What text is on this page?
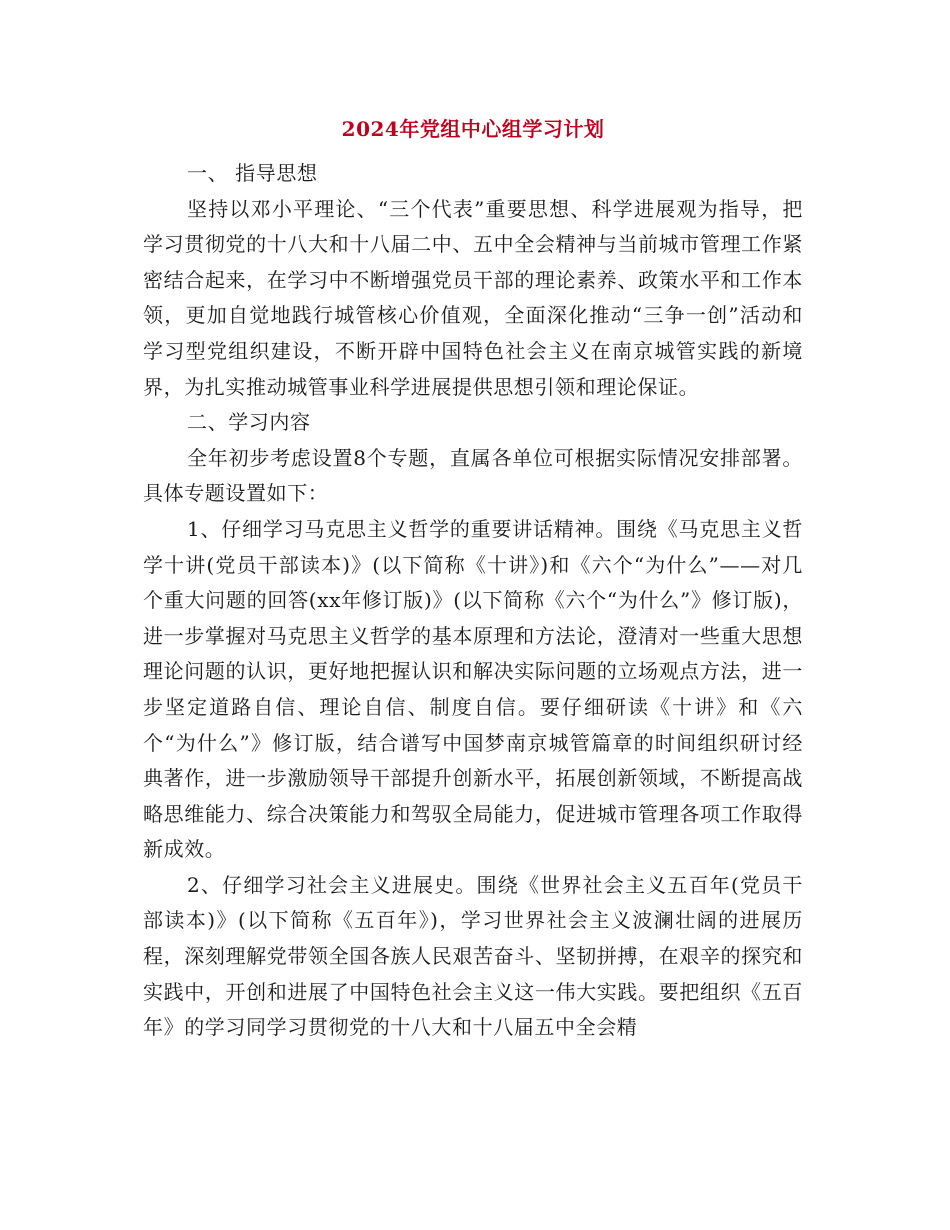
2024年党组中心组学习计划

一、 指导思想

坚持以邓小平理论、“三个代表”重要思想、科学进展观为指导，把学习贯彻党的十八大和十八届二中、五中全会精神与当前城市管理工作紧密结合起来，在学习中不断增强党员干部的理论素养、政策水平和工作本领，更加自觉地践行城管核心价值观，全面深化推动“三争一创”活动和学习型党组织建设，不断开辟中国特色社会主义在南京城管实践的新境界，为扎实推动城管事业科学进展提供思想引领和理论保证。

二、学习内容

全年初步考虑设置8个专题，直属各单位可根据实际情况安排部署。具体专题设置如下：

1、仔细学习马克思主义哲学的重要讲话精神。围绕《马克思主义哲学十讲(党员干部读本)》(以下简称《十讲》)和《六个“为什么”——对几个重大问题的回答(xx年修订版)》(以下简称《六个“为什么”》修订版)，进一步掌握对马克思主义哲学的基本原理和方法论，澄清对一些重大思想理论问题的认识，更好地把握认识和解决实际问题的立场观点方法，进一步坚定道路自信、理论自信、制度自信。要仔细研读《十讲》和《六个“为什么”》修订版，结合谱写中国梦南京城管篇章的时间组织研讨经典著作，进一步激励领导干部提升创新水平，拓展创新领域，不断提高战略思维能力、综合决策能力和驾驭全局能力，促进城市管理各项工作取得新成效。

2、仔细学习社会主义进展史。围绕《世界社会主义五百年(党员干部读本)》(以下简称《五百年》)，学习世界社会主义波澜壮阔的进展历程，深刻理解党带领全国各族人民艰苦奋斗、坚韧拼搏，在艰辛的探究和实践中，开创和进展了中国特色社会主义这一伟大实践。要把组织《五百年》的学习同学习贯彻党的十八大和十八届五中全会精
